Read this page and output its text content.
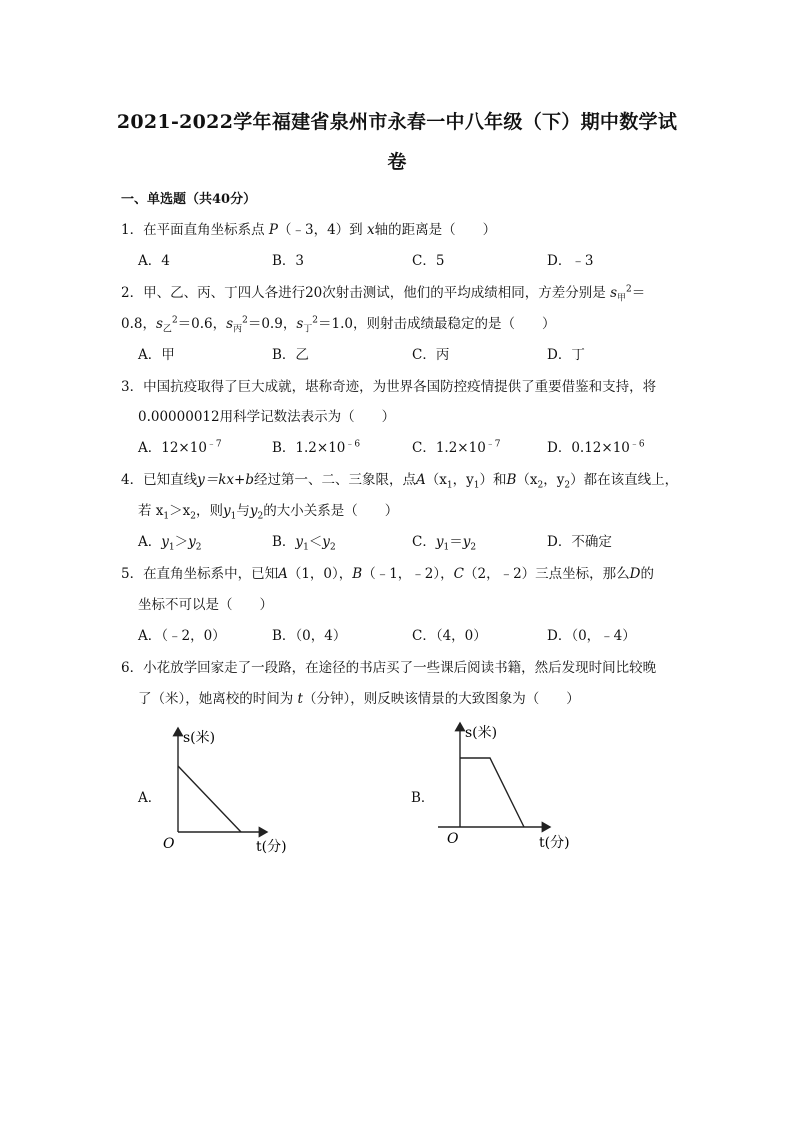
2021-2022学年福建省泉州市永春一中八年级（下）期中数学试
卷
一、单选题（共40分）
1．在平面直角坐标系点 P（﹣3，4）到 x轴的距离是（　　）
A．4	B．3	C．5	D．﹣3
2．甲、乙、丙、丁四人各进行20次射击测试，他们的平均成绩相同，方差分别是 $s_甲^2=$
0.8，$s_乙^2=0.6$，$s_丙^2=0.9$，$s_丁^2=1.0$，则射击成绩最稳定的是（　　）
A．甲	B．乙	C．丙	D．丁
3．中国抗疫取得了巨大成就，堪称奇迹，为世界各国防控疫情提供了重要借鉴和支持，将
0.00000012用科学记数法表示为（　　）
A．$12\times 10^{﹣7}$	B．$1.2\times 10^{﹣6}$	C．$1.2\times 10^{﹣7}$	D．$0.12\times 10^{﹣6}$
4．已知直线y＝kx+b经过第一、二、三象限，点$A(x_1$，$y_1$）和$B(x_2$，$y_2$）都在该直线上，
若 $x_1>x_2$，则$y_1$与$y_2$的大小关系是（　　）
A．$y_1>y_2$	B．$y_1<y_2$	C．$y_1=y_2$	D．不确定
5．在直角坐标系中，已知A（1，0），B（﹣1，﹣2），C（2，﹣2）三点坐标，那么D的
坐标不可以是（　　）
A．（﹣2，0）	B．（0，4）	C．（4，0）	D．（0，﹣4）
6．小花放学回家走了一段路，在途径的书店买了一些课后阅读书籍，然后发现时间比较晚
了（米），她离校的时间为 t（分钟），则反映该情景的大致图象为（　　）
A．
s(米)
t(分)
O
B．
s(米)
t(分)
O
